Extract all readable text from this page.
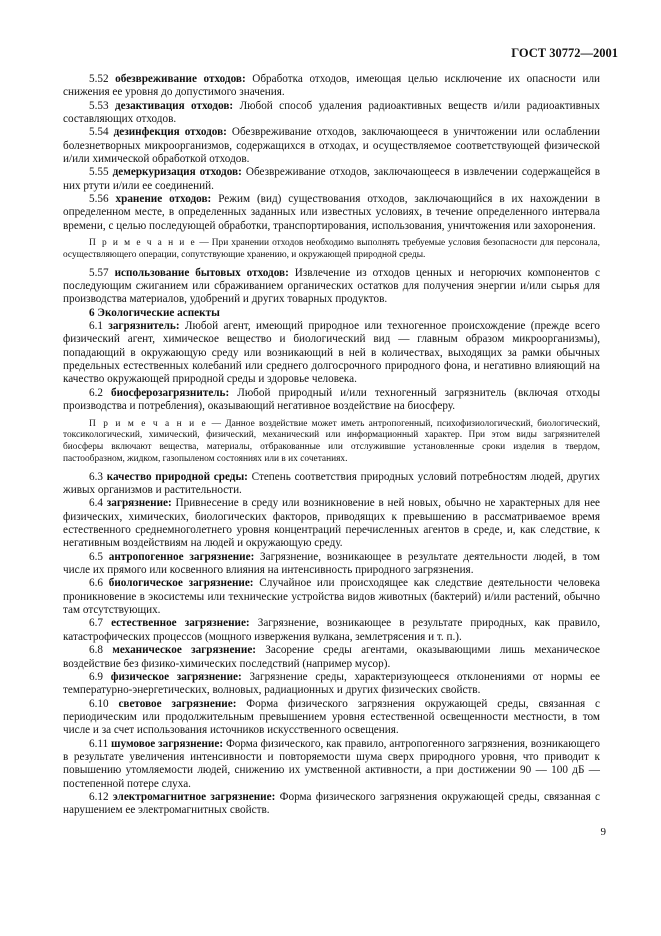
ГОСТ 30772—2001

5.52 обезвреживание отходов: Обработка отходов, имеющая целью исключение их опасности или снижения ее уровня до допустимого значения.

5.53 дезактивация отходов: Любой способ удаления радиоактивных веществ и/или радиоактивных составляющих отходов.

5.54 дезинфекция отходов: Обезвреживание отходов, заключающееся в уничтожении или ослаблении болезнетворных микроорганизмов, содержащихся в отходах, и осуществляемое соответствующей физической и/или химической обработкой отходов.

5.55 демеркуризация отходов: Обезвреживание отходов, заключающееся в извлечении содержащейся в них ртути и/или ее соединений.

5.56 хранение отходов: Режим (вид) существования отходов, заключающийся в их нахождении в определенном месте, в определенных заданных или известных условиях, в течение определенного интервала времени, с целью последующей обработки, транспортирования, использования, уничтожения или захоронения.

П р и м е ч а н и е — При хранении отходов необходимо выполнять требуемые условия безопасности для персонала, осуществляющего операции, сопутствующие хранению, и окружающей природной среды.

5.57 использование бытовых отходов: Извлечение из отходов ценных и негорючих компонентов с последующим сжиганием или сбраживанием органических остатков для получения энергии и/или сырья для производства материалов, удобрений и других товарных продуктов.

6 Экологические аспекты

6.1 загрязнитель: Любой агент, имеющий природное или техногенное происхождение (прежде всего физический агент, химическое вещество и биологический вид — главным образом микроорганизмы), попадающий в окружающую среду или возникающий в ней в количествах, выходящих за рамки обычных предельных естественных колебаний или среднего долгосрочного природного фона, и негативно влияющий на качество окружающей природной среды и здоровье человека.

6.2 биосферозагрязнитель: Любой природный и/или техногенный загрязнитель (включая отходы производства и потребления), оказывающий негативное воздействие на биосферу.

П р и м е ч а н и е — Данное воздействие может иметь антропогенный, психофизиологический, биологический, токсикологический, химический, физический, механический или информационный характер. При этом виды загрязнителей биосферы включают вещества, материалы, отбракованные или отслужившие установленные сроки изделия в твердом, пастообразном, жидком, газопыленом состояниях или в их сочетаниях.

6.3 качество природной среды: Степень соответствия природных условий потребностям людей, других живых организмов и растительности.

6.4 загрязнение: Привнесение в среду или возникновение в ней новых, обычно не характерных для нее физических, химических, биологических факторов, приводящих к превышению в рассматриваемое время естественного среднемноголетнего уровня концентраций перечисленных агентов в среде, и, как следствие, к негативным воздействиям на людей и окружающую среду.

6.5 антропогенное загрязнение: Загрязнение, возникающее в результате деятельности людей, в том числе их прямого или косвенного влияния на интенсивность природного загрязнения.

6.6 биологическое загрязнение: Случайное или происходящее как следствие деятельности человека проникновение в экосистемы или технические устройства видов животных (бактерий) и/или растений, обычно там отсутствующих.

6.7 естественное загрязнение: Загрязнение, возникающее в результате природных, как правило, катастрофических процессов (мощного извержения вулкана, землетрясения и т. п.).

6.8 механическое загрязнение: Засорение среды агентами, оказывающими лишь механическое воздействие без физико-химических последствий (например мусор).

6.9 физическое загрязнение: Загрязнение среды, характеризующееся отклонениями от нормы ее температурно-энергетических, волновых, радиационных и других физических свойств.

6.10 световое загрязнение: Форма физического загрязнения окружающей среды, связанная с периодическим или продолжительным превышением уровня естественной освещенности местности, в том числе и за счет использования источников искусственного освещения.

6.11 шумовое загрязнение: Форма физического, как правило, антропогенного загрязнения, возникающего в результате увеличения интенсивности и повторяемости шума сверх природного уровня, что приводит к повышению утомляемости людей, снижению их умственной активности, а при достижении 90 — 100 дБ — постепенной потере слуха.

6.12 электромагнитное загрязнение: Форма физического загрязнения окружающей среды, связанная с нарушением ее электромагнитных свойств.

9
